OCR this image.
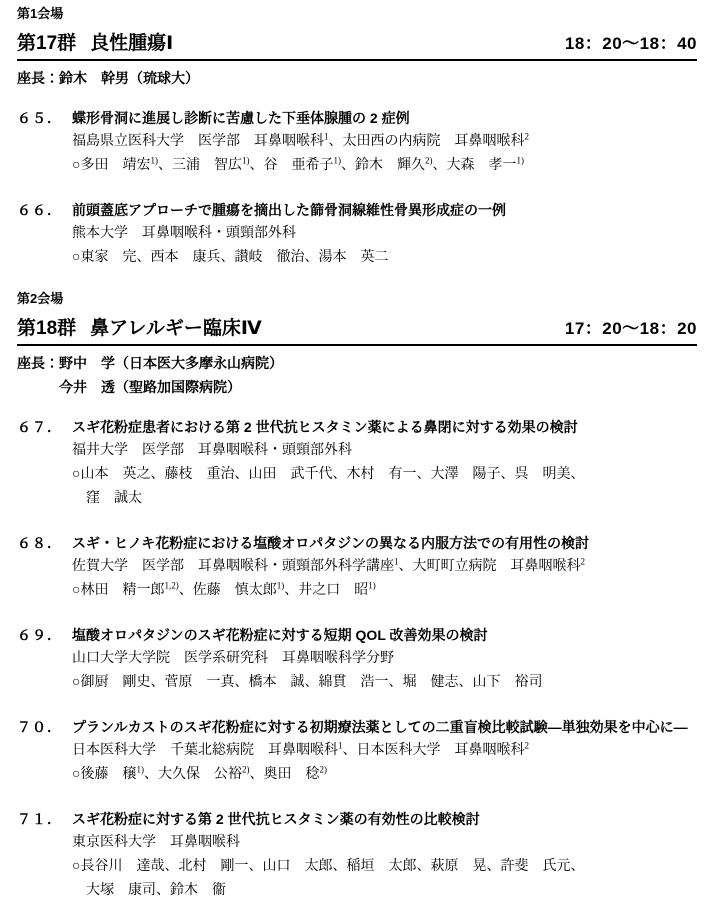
第1会場
第17群 良性腫瘍Ⅰ	18：20～18：40
座長： 鈴木　幹男（琉球大）
６５． 蝶形骨洞に進展し診断に苦慮した下垂体腺腫の 2 症例
福島県立医科大学　医学部　耳鼻咽喉科$^1$、太田西の内病院　耳鼻咽喉科$^2$
○多田　靖宏$^{1)}$、三浦　智広$^{1)}$、谷　亜希子$^{1)}$、鈴木　輝久$^{2)}$、大森　孝一$^{1)}$
６６． 前頭蓋底アプローチで腫瘍を摘出した篩骨洞線維性骨異形成症の一例
熊本大学　耳鼻咽喉科・頭頸部外科
○東家　完、西本　康兵、讃岐　徹治、湯本　英二
第2会場
第18群 鼻アレルギー臨床Ⅳ	17：20～18：20
座長： 野中　学（日本医大多摩永山病院）
今井　透（聖路加国際病院）
６７． スギ花粉症患者における第 2 世代抗ヒスタミン薬による鼻閉に対する効果の検討
福井大学　医学部　耳鼻咽喉科・頭頸部外科
○山本　英之、藤枝　重治、山田　武千代、木村　有一、大澤　陽子、呉　明美、
窪　誠太
６８． スギ・ヒノキ花粉症における塩酸オロパタジンの異なる内服方法での有用性の検討
佐賀大学　医学部　耳鼻咽喉科・頭頸部外科学講座$^1$、大町町立病院　耳鼻咽喉科$^2$
○林田　精一郎$^{1,2)}$、佐藤　慎太郎$^{1)}$、井之口　昭$^{1)}$
６９． 塩酸オロパタジンのスギ花粉症に対する短期 QOL 改善効果の検討
山口大学大学院　医学系研究科　耳鼻咽喉科学分野
○御厨　剛史、菅原　一真、橋本　誠、綿貫　浩一、堀　健志、山下　裕司
７０． プランルカストのスギ花粉症に対する初期療法薬としての二重盲検比較試験―単独効果を中心に―
日本医科大学　千葉北総病院　耳鼻咽喉科$^1$、日本医科大学　耳鼻咽喉科$^2$
○後藤　穣$^{1)}$、大久保　公裕$^{2)}$、奥田　稔$^{2)}$
７１． スギ花粉症に対する第 2 世代抗ヒスタミン薬の有効性の比較検討
東京医科大学　耳鼻咽喉科
○長谷川　達哉、北村　剛一、山口　太郎、稲垣　太郎、萩原　晃、許斐　氏元、
大塚　康司、鈴木　衞
